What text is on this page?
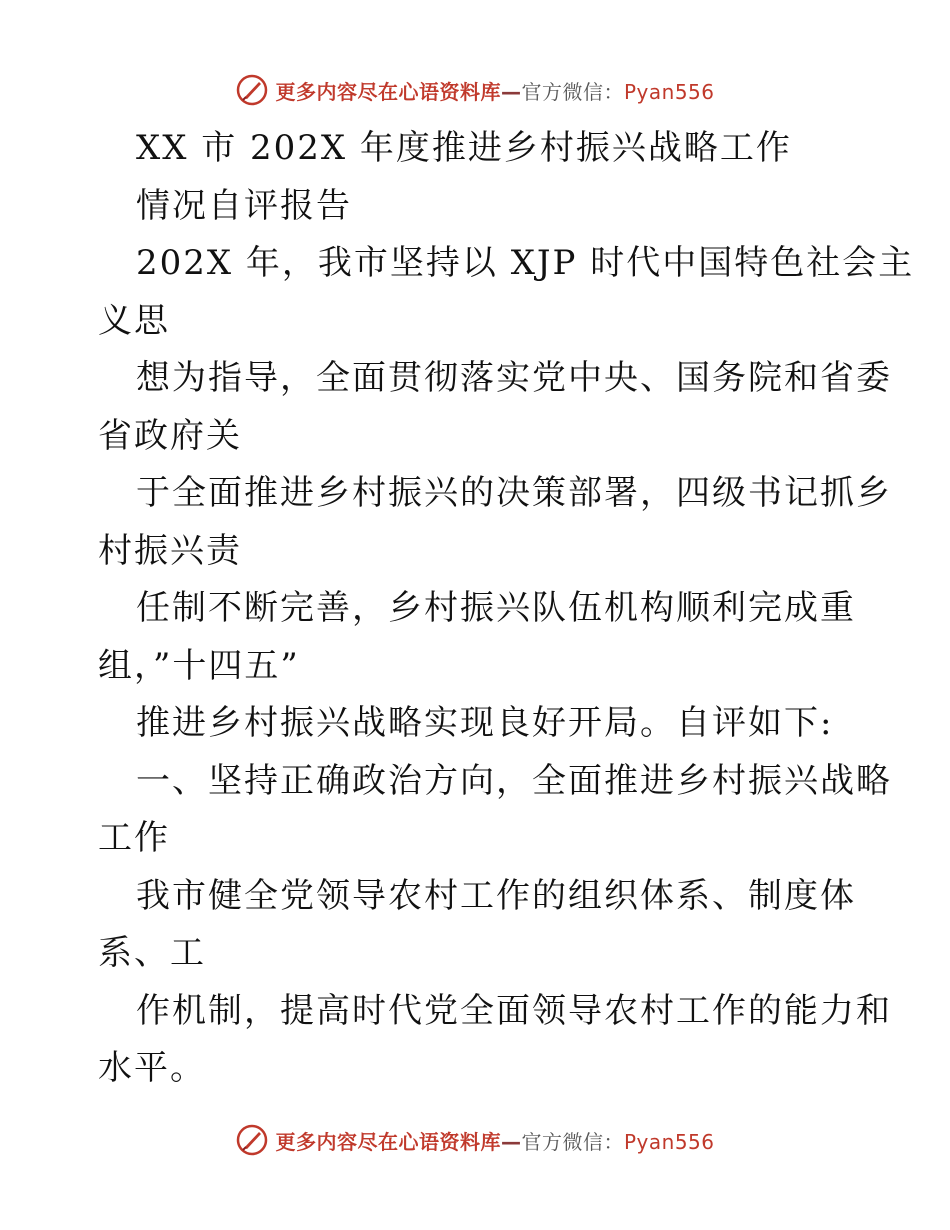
更多内容尽在心语资料库—官方微信：Pyan556
XX 市 202X 年度推进乡村振兴战略工作
情况自评报告
202X 年，我市坚持以 XJP 时代中国特色社会主
义思
想为指导，全面贯彻落实党中央、国务院和省委
省政府关
于全面推进乡村振兴的决策部署，四级书记抓乡
村振兴责
任制不断完善，乡村振兴队伍机构顺利完成重
组，”十四五”
推进乡村振兴战略实现良好开局。自评如下:
一、坚持正确政治方向，全面推进乡村振兴战略
工作
我市健全党领导农村工作的组织体系、制度体
系、工
作机制，提高时代党全面领导农村工作的能力和
水平。
更多内容尽在心语资料库—官方微信：Pyan556
